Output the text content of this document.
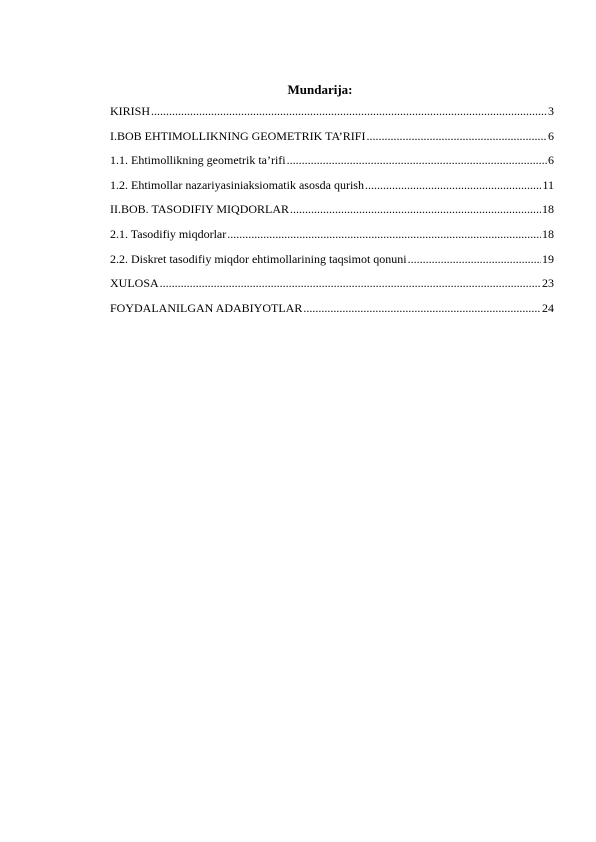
Mundarija:
KIRISH .....	3
I.BOB EHTIMOLLIKNING GEOMETRIK TA’RIFI .....	6
1.1. Ehtimollikning geometrik ta’rifi .....	6
1.2. Ehtimollar nazariyasiniaksiomatik asosda qurish .....	11
II.BOB. TASODIFIY MIQDORLAR .....	18
2.1. Tasodifiy miqdorlar .....	18
2.2. Diskret tasodifiy miqdor ehtimollarining taqsimot qonuni .....	19
XULOSA .....	23
FOYDALANILGAN ADABIYOTLAR .....	24
